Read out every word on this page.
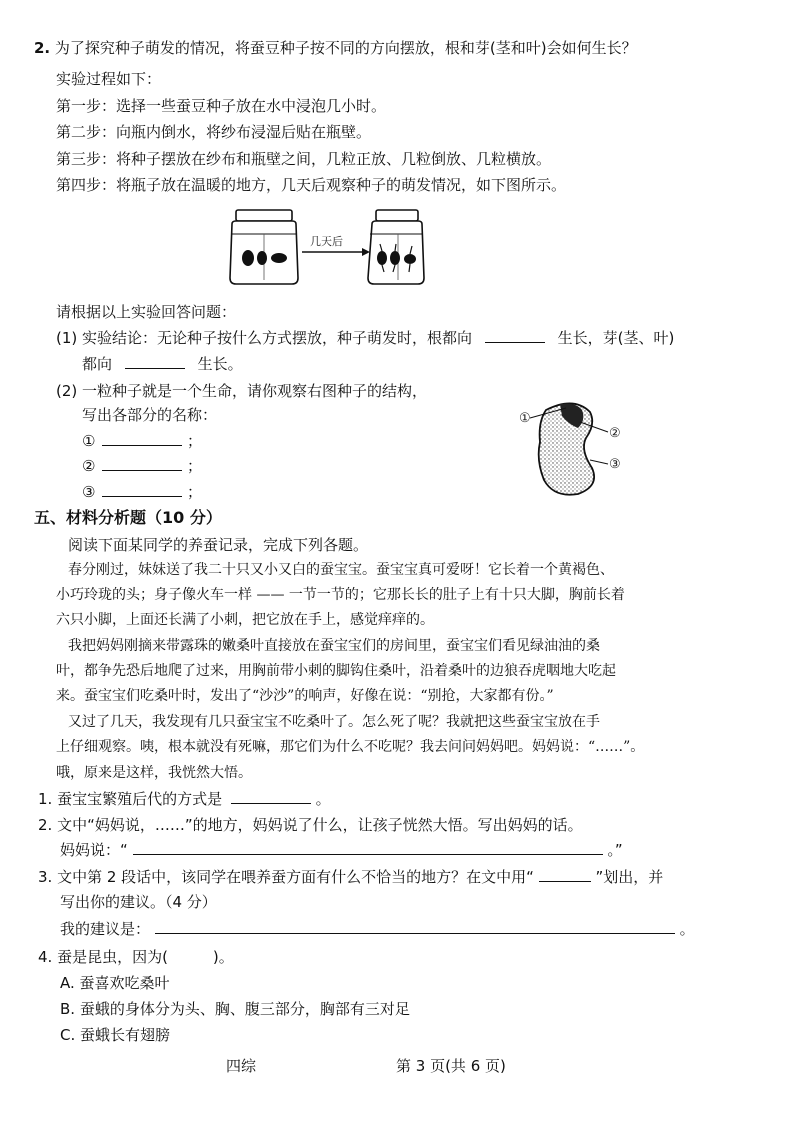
2. 为了探究种子萌发的情况，将蚕豆种子按不同的方向摆放，根和芽(茎和叶)会如何生长？
实验过程如下：
第一步：选择一些蚕豆种子放在水中浸泡几小时。
第二步：向瓶内倒水，将纱布浸湿后贴在瓶壁。
第三步：将种子摆放在纱布和瓶壁之间，几粒正放、几粒倒放、几粒横放。
第四步：将瓶子放在温暖的地方，几天后观察种子的萌发情况，如下图所示。
几天后
请根据以上实验回答问题：
(1) 实验结论：无论种子按什么方式摆放，种子萌发时，根都向	生长，芽(茎、叶)
都向	生长。
(2) 一粒种子就是一个生命，请你观察右图种子的结构，
写出各部分的名称：
①	；
②	；
③	；
①
②
③
五、材料分析题（10 分）
阅读下面某同学的养蚕记录，完成下列各题。
春分刚过，妹妹送了我二十只又小又白的蚕宝宝。蚕宝宝真可爱呀！它长着一个黄褐色、
小巧玲珑的头；身子像火车一样 —— 一节一节的；它那长长的肚子上有十只大脚，胸前长着
六只小脚，上面还长满了小刺，把它放在手上，感觉痒痒的。
我把妈妈刚摘来带露珠的嫩桑叶直接放在蚕宝宝们的房间里，蚕宝宝们看见绿油油的桑
叶，都争先恐后地爬了过来，用胸前带小刺的脚钩住桑叶，沿着桑叶的边狼吞虎咽地大吃起
来。蚕宝宝们吃桑叶时，发出了“沙沙”的响声，好像在说：“别抢，大家都有份。”
又过了几天，我发现有几只蚕宝宝不吃桑叶了。怎么死了呢？我就把这些蚕宝宝放在手
上仔细观察。咦，根本就没有死嘛，那它们为什么不吃呢？我去问问妈妈吧。妈妈说：“……”。
哦，原来是这样，我恍然大悟。
1. 蚕宝宝繁殖后代的方式是	。
2. 文中“妈妈说，……”的地方，妈妈说了什么，让孩子恍然大悟。写出妈妈的话。
妈妈说：“	。”
3. 文中第 2 段话中，该同学在喂养蚕方面有什么不恰当的地方？在文中用“	”划出，并
写出你的建议。（4 分）
我的建议是：	。
4. 蚕是昆虫，因为(　　　)。
A. 蚕喜欢吃桑叶
B. 蚕蛾的身体分为头、胸、腹三部分，胸部有三对足
C. 蚕蛾长有翅膀
四综	第 3 页(共 6 页)
